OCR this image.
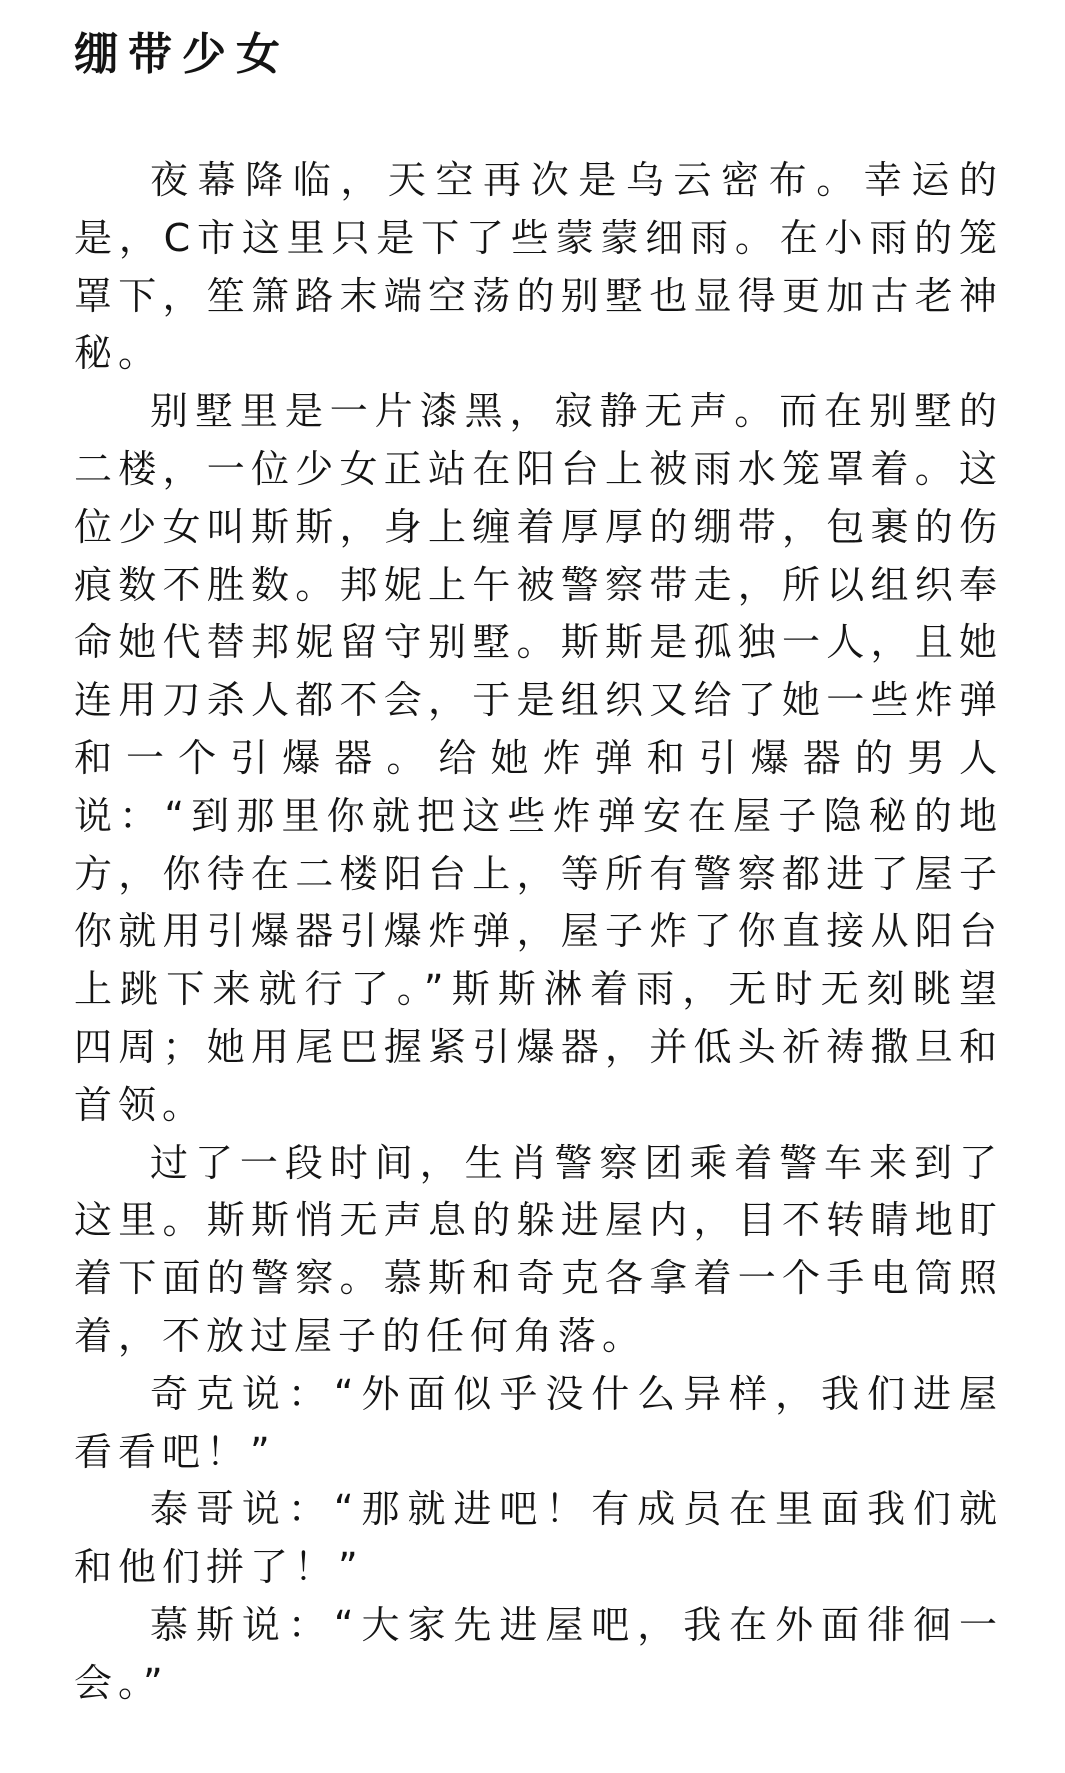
绷带少女

夜幕降临，天空再次是乌云密布。幸运的是，C市这里只是下了些蒙蒙细雨。在小雨的笼罩下，笙箫路末端空荡的别墅也显得更加古老神秘。

别墅里是一片漆黑，寂静无声。而在别墅的二楼，一位少女正站在阳台上被雨水笼罩着。这位少女叫斯斯，身上缠着厚厚的绷带，包裹的伤痕数不胜数。邦妮上午被警察带走，所以组织奉命她代替邦妮留守别墅。斯斯是孤独一人，且她连用刀杀人都不会，于是组织又给了她一些炸弹和一个引爆器。给她炸弹和引爆器的男人说：“到那里你就把这些炸弹安在屋子隐秘的地方，你待在二楼阳台上，等所有警察都进了屋子你就用引爆器引爆炸弹，屋子炸了你直接从阳台上跳下来就行了。”斯斯淋着雨，无时无刻眺望四周；她用尾巴握紧引爆器，并低头祈祷撒旦和首领。

过了一段时间，生肖警察团乘着警车来到了这里。斯斯悄无声息的躲进屋内，目不转睛地盯着下面的警察。慕斯和奇克各拿着一个手电筒照着，不放过屋子的任何角落。

奇克说：“外面似乎没什么异样，我们进屋看看吧！”

泰哥说：“那就进吧！有成员在里面我们就和他们拼了！”

慕斯说：“大家先进屋吧，我在外面徘徊一会。”
